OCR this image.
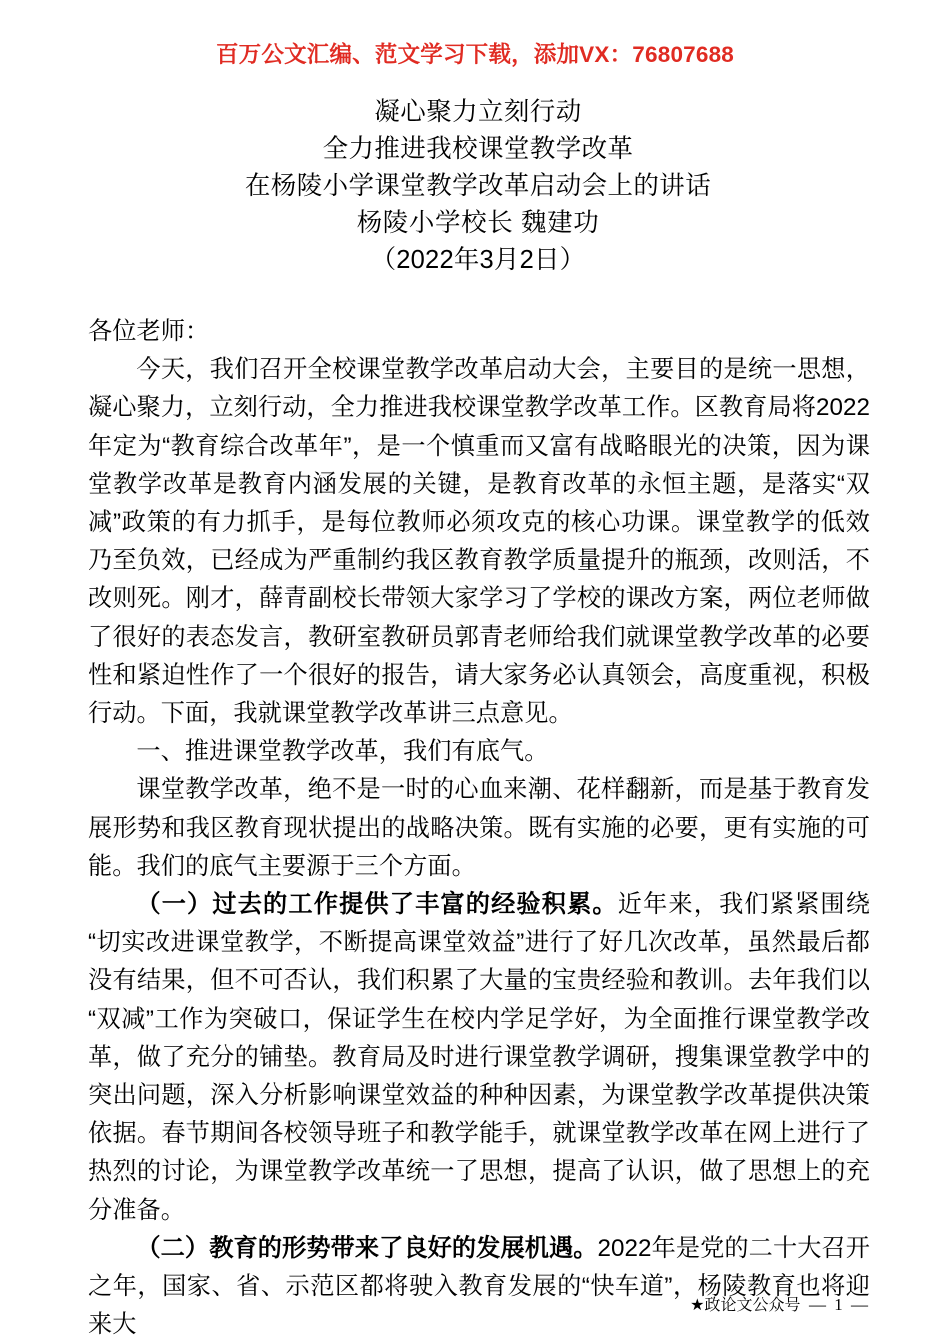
百万公文汇编、范文学习下载，添加VX：76807688
凝心聚力立刻行动
全力推进我校课堂教学改革
在杨陵小学课堂教学改革启动会上的讲话
杨陵小学校长 魏建功
（2022年3月2日）

各位老师：

今天，我们召开全校课堂教学改革启动大会，主要目的是统一思想，凝心聚力，立刻行动，全力推进我校课堂教学改革工作。区教育局将2022年定为“教育综合改革年”，是一个慎重而又富有战略眼光的决策，因为课堂教学改革是教育内涵发展的关键，是教育改革的永恒主题，是落实“双减”政策的有力抓手，是每位教师必须攻克的核心功课。课堂教学的低效乃至负效，已经成为严重制约我区教育教学质量提升的瓶颈，改则活，不改则死。刚才，薛青副校长带领大家学习了学校的课改方案，两位老师做了很好的表态发言，教研室教研员郭青老师给我们就课堂教学改革的必要性和紧迫性作了一个很好的报告，请大家务必认真领会，高度重视，积极行动。下面，我就课堂教学改革讲三点意见。

一、推进课堂教学改革，我们有底气。

课堂教学改革，绝不是一时的心血来潮、花样翻新，而是基于教育发展形势和我区教育现状提出的战略决策。既有实施的必要，更有实施的可能。我们的底气主要源于三个方面。

（一）过去的工作提供了丰富的经验积累。近年来，我们紧紧围绕“切实改进课堂教学，不断提高课堂效益”进行了好几次改革，虽然最后都没有结果，但不可否认，我们积累了大量的宝贵经验和教训。去年我们以“双减”工作为突破口，保证学生在校内学足学好，为全面推行课堂教学改革，做了充分的铺垫。教育局及时进行课堂教学调研，搜集课堂教学中的突出问题，深入分析影响课堂效益的种种因素，为课堂教学改革提供决策依据。春节期间各校领导班子和教学能手，就课堂教学改革在网上进行了热烈的讨论，为课堂教学改革统一了思想，提高了认识，做了思想上的充分准备。

（二）教育的形势带来了良好的发展机遇。2022年是党的二十大召开之年，国家、省、示范区都将驶入教育发展的“快车道”，杨陵教育也将迎来大

★政论文公众号 — 1 —
